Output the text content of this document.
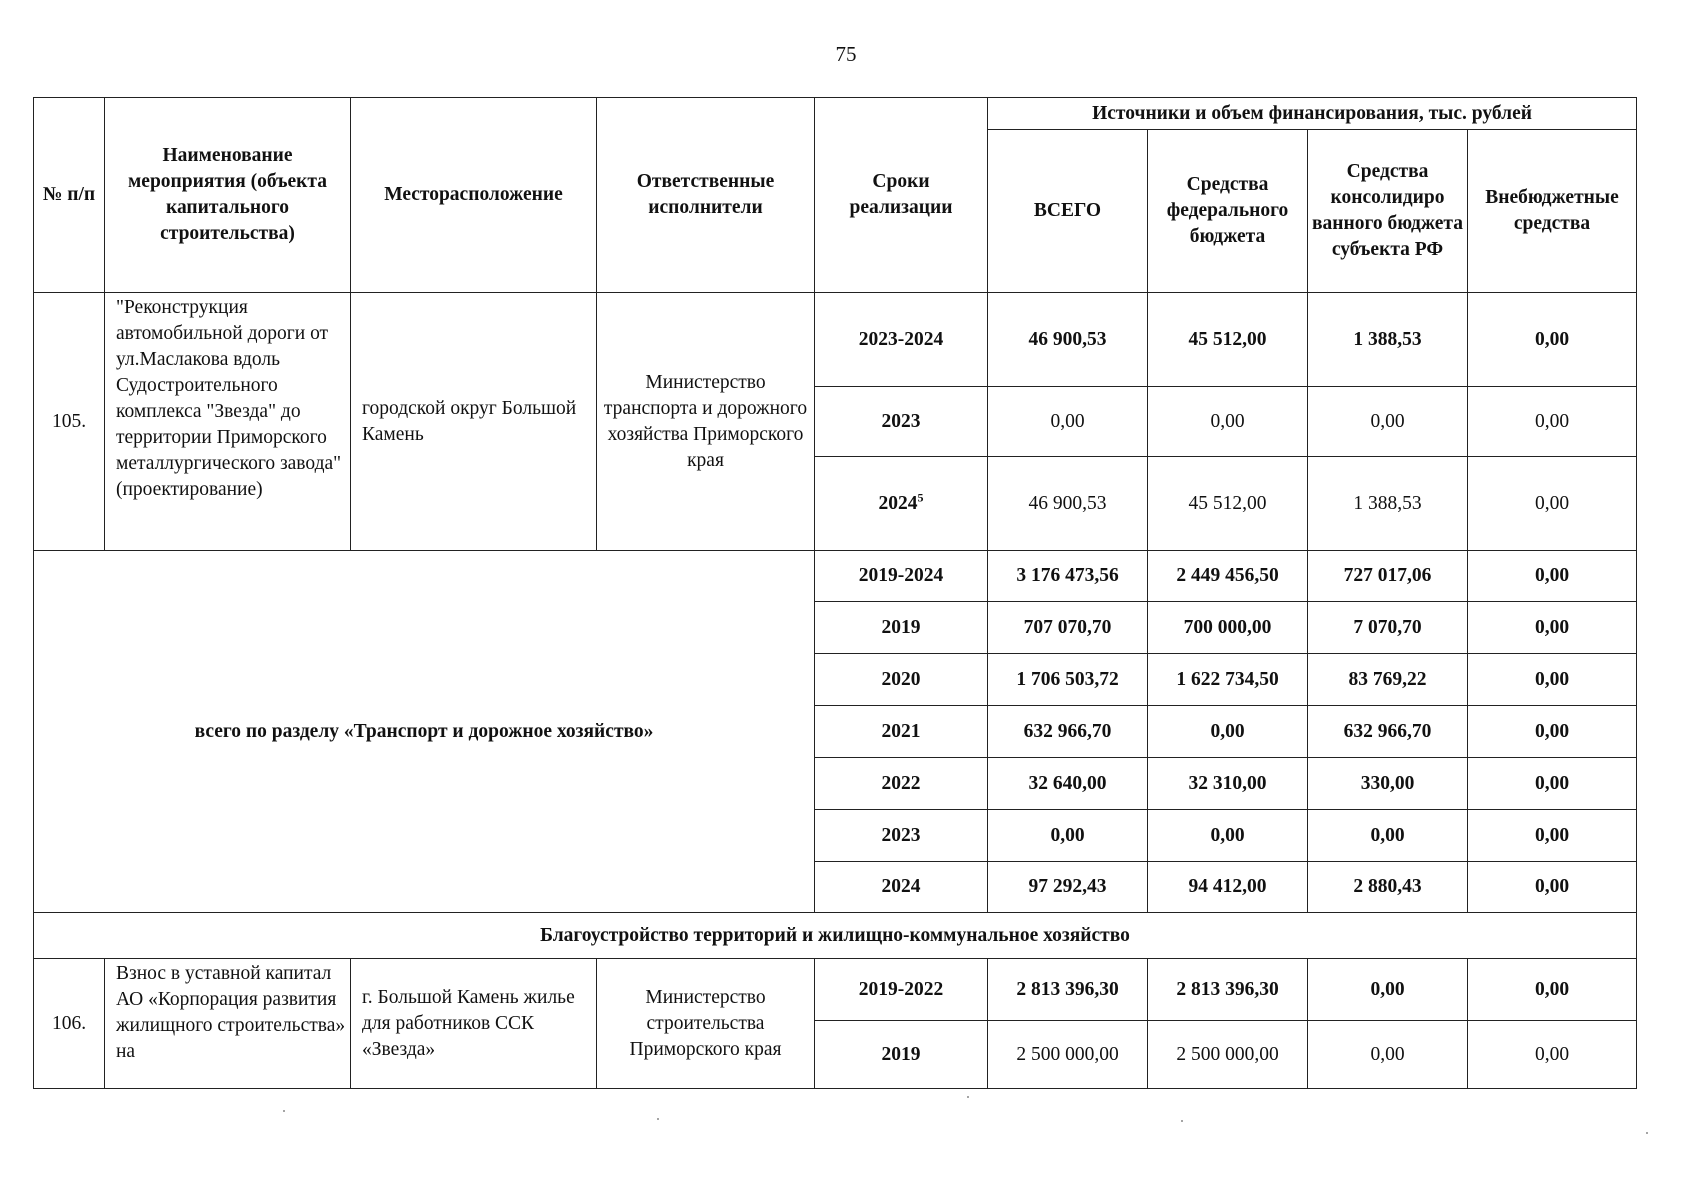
75
№ п/п	Наименование мероприятия (объекта капитального строительства)	Месторасположение	Ответственные исполнители	Сроки реализации	Источники и объем финансирования, тыс. рублей			
					ВСЕГО	Средства федерального бюджета	Средства консолидиро ванного бюджета субъекта РФ	Внебюджетные средства
105.	"Реконструкция автомобильной дороги от ул.Маслакова вдоль Судостроительного комплекса "Звезда" до территории Приморского металлургического завода" (проектирование)	городской округ Большой Камень	Министерство транспорта и дорожного хозяйства Приморского края	2023-2024	46 900,53	45 512,00	1 388,53	0,00
				2023	0,00	0,00	0,00	0,00
				2024$^5$	46 900,53	45 512,00	1 388,53	0,00
всего по разделу «Транспорт и дорожное хозяйство»				2019-2024	3 176 473,56	2 449 456,50	727 017,06	0,00
				2019	707 070,70	700 000,00	7 070,70	0,00
				2020	1 706 503,72	1 622 734,50	83 769,22	0,00
				2021	632 966,70	0,00	632 966,70	0,00
				2022	32 640,00	32 310,00	330,00	0,00
				2023	0,00	0,00	0,00	0,00
				2024	97 292,43	94 412,00	2 880,43	0,00
Благоустройство территорий и жилищно-коммунальное хозяйство								
106.	Взнос в уставной капитал АО «Корпорация развития жилищного строительства» на	г. Большой Камень жилье для работников ССК «Звезда»	Министерство строительства Приморского края	2019-2022	2 813 396,30	2 813 396,30	0,00	0,00
				2019	2 500 000,00	2 500 000,00	0,00	0,00
